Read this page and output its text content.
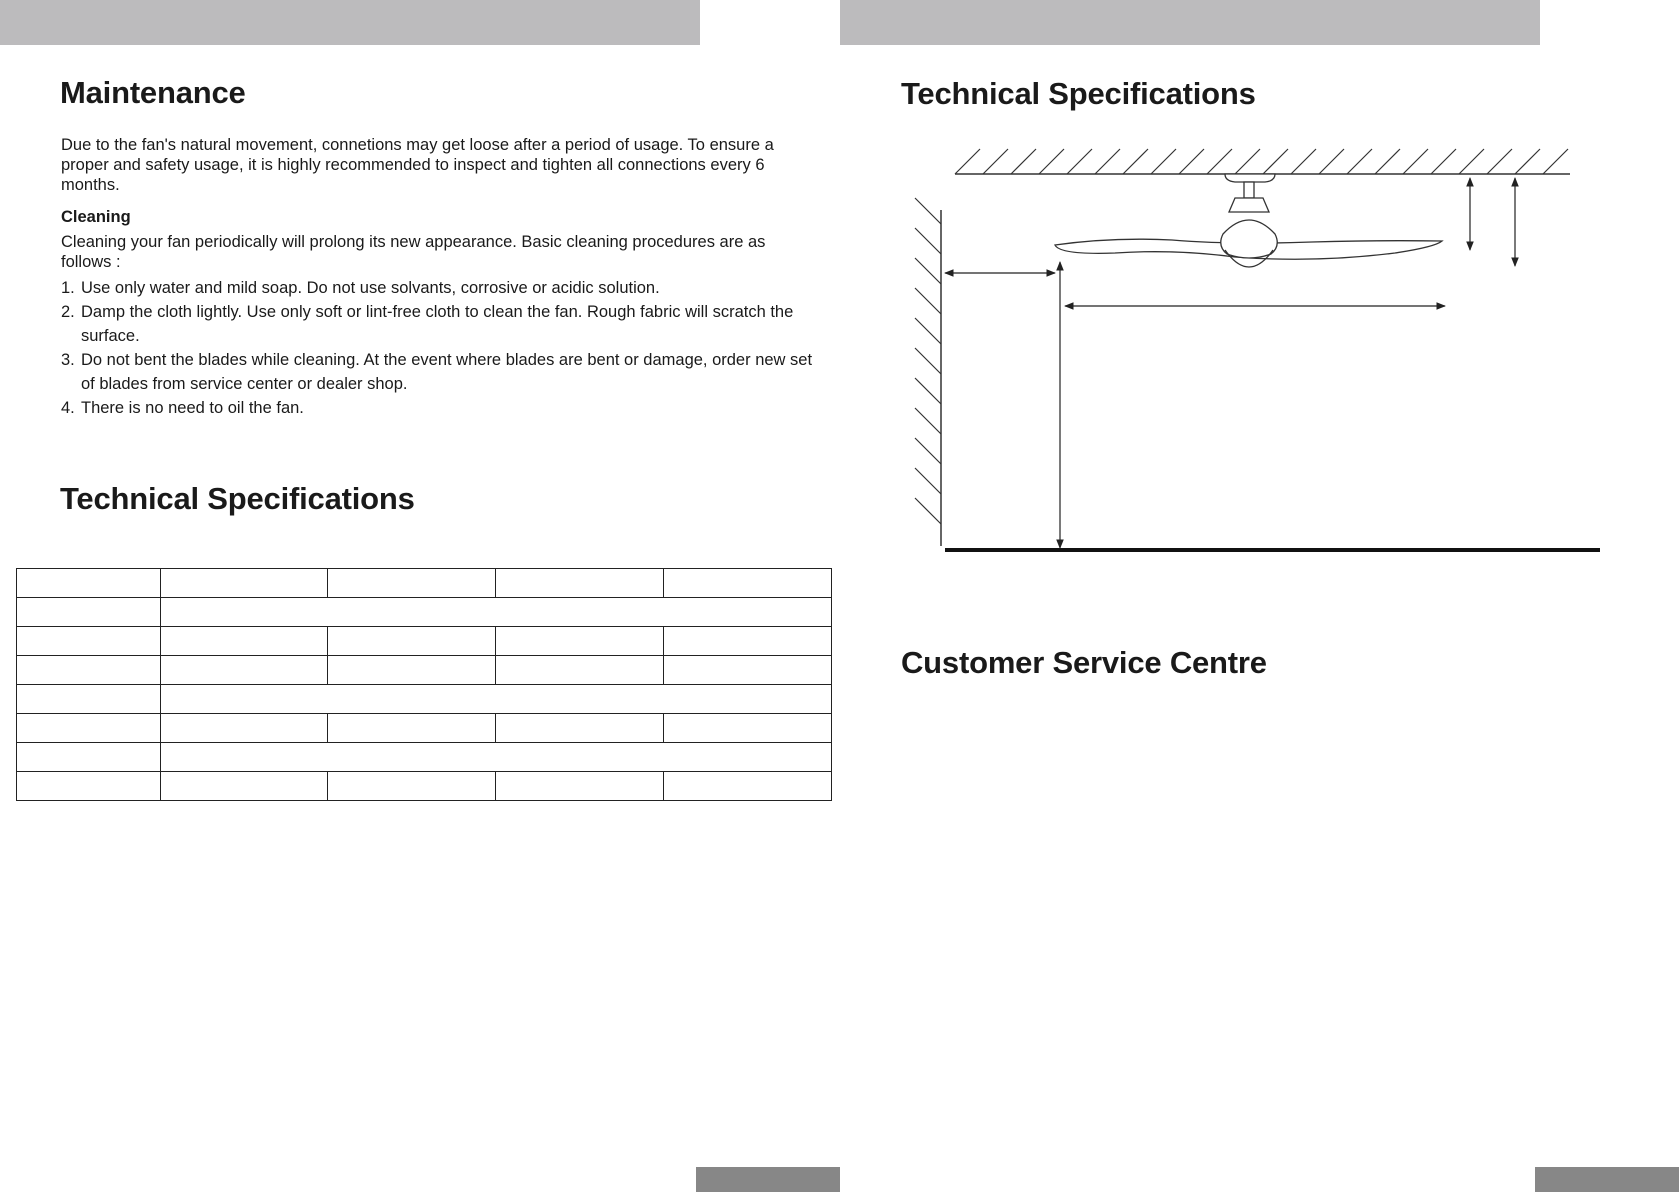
Maintenance

Due to the fan's natural movement, connetions may get loose after a period of usage. To ensure a proper and safety usage, it is highly recommended to inspect and tighten all connections every 6 months.

Cleaning

Cleaning your fan periodically will prolong its new appearance. Basic cleaning procedures are as follows :

1. Use only water and mild soap. Do not use solvants, corrosive or acidic solution.
2. Damp the cloth lightly. Use only soft or lint-free cloth to clean the fan. Rough fabric will scratch the surface.
3. Do not bent the blades while cleaning. At the event where blades are bent or damage, order new set of blades from service center or dealer shop.
4. There is no need to oil the fan.
Technical Specifications

Technical Specifications
Customer Service Centre
